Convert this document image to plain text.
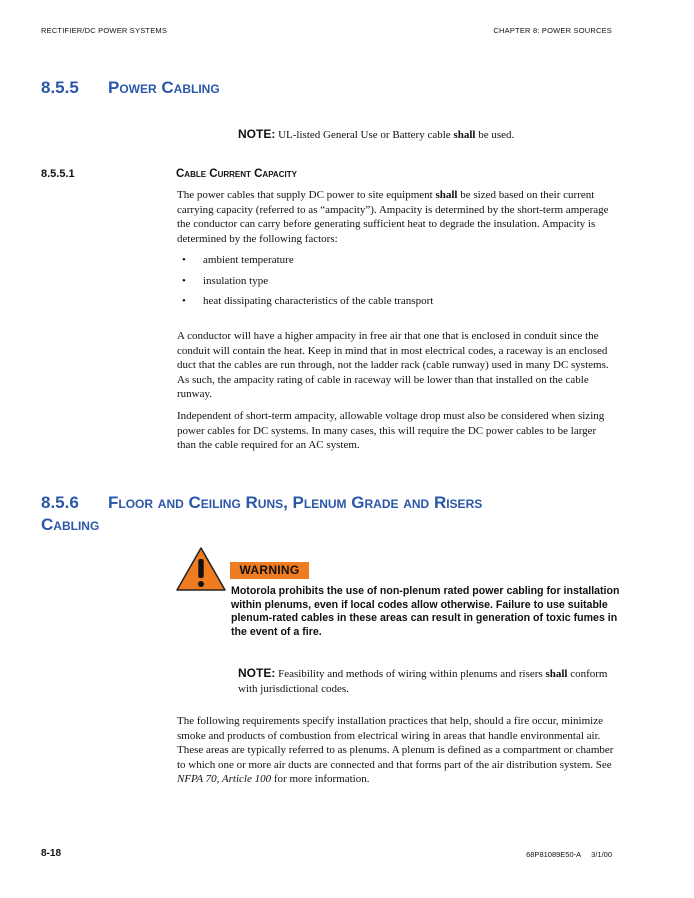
RECTIFIER/DC POWER SYSTEMS	CHAPTER 8: POWER SOURCES
8.5.5 Power Cabling
NOTE: UL-listed General Use or Battery cable shall be used.
8.5.5.1	Cable Current Capacity

The power cables that supply DC power to site equipment shall be sized based on their current carrying capacity (referred to as “ampacity”). Ampacity is determined by the short-term amperage the conductor can carry before generating sufficient heat to degrade the insulation. Ampacity is determined by the following factors:

• ambient temperature
• insulation type
• heat dissipating characteristics of the cable transport

A conductor will have a higher ampacity in free air that one that is enclosed in conduit since the conduit will contain the heat. Keep in mind that in most electrical codes, a raceway is an enclosed duct that the cables are run through, not the ladder rack (cable runway) used in many DC systems. As such, the ampacity rating of cable in raceway will be lower than that installed on the cable runway.

Independent of short-term ampacity, allowable voltage drop must also be considered when sizing power cables for DC systems. In many cases, this will require the DC power cables to be larger than the cable required for an AC system.

8.5.6 Floor and Ceiling Runs, Plenum Grade and Risers
Cabling
WARNING
Motorola prohibits the use of non-plenum rated power cabling for installation within plenums, even if local codes allow otherwise. Failure to use suitable plenum-rated cables in these areas can result in generation of toxic fumes in the event of a fire.
NOTE: Feasibility and methods of wiring within plenums and risers shall conform with jurisdictional codes.

The following requirements specify installation practices that help, should a fire occur, minimize smoke and products of combustion from electrical wiring in areas that handle environmental air. These areas are typically referred to as plenums. A plenum is defined as a compartment or chamber to which one or more air ducts are connected and that forms part of the air distribution system. See NFPA 70, Article 100 for more information.

8-18	68P81089E50-A     3/1/00
